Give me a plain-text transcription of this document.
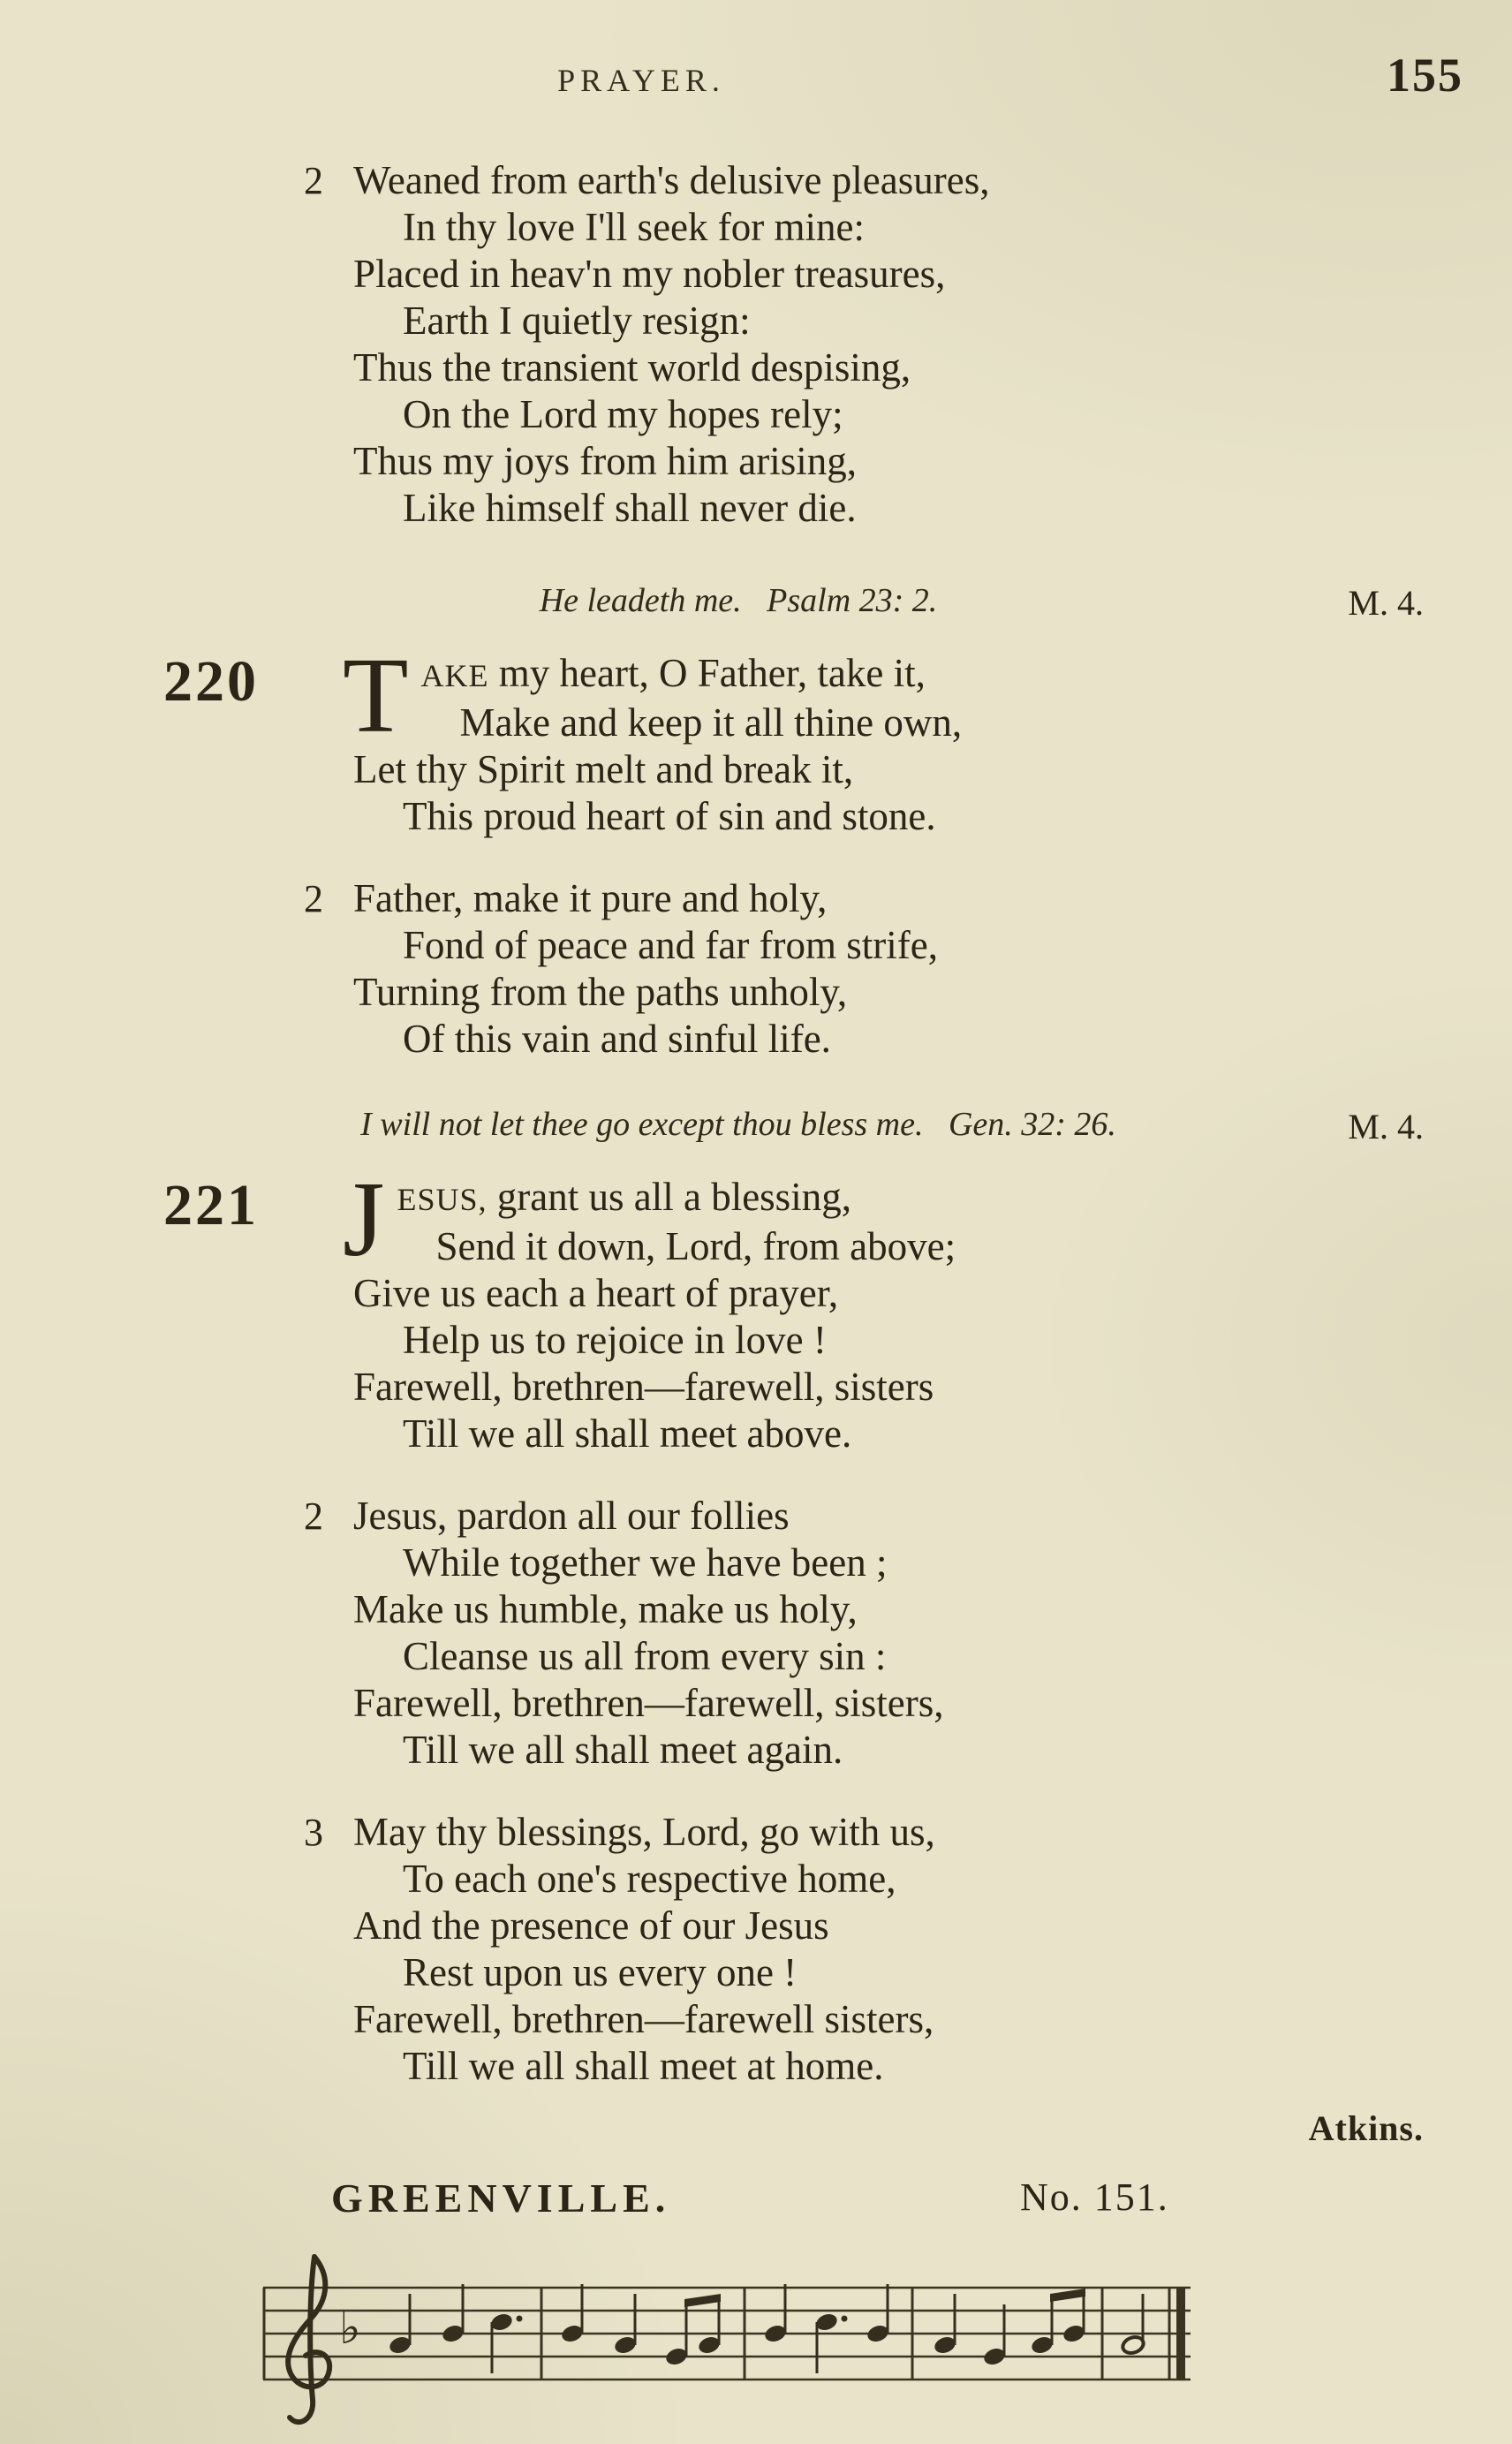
PRAYER.	155
2 Weaned from earth's delusive pleasures,
In thy love I'll seek for mine:
Placed in heav'n my nobler treasures,
Earth I quietly resign:
Thus the transient world despising,
On the Lord my hopes rely;
Thus my joys from him arising,
Like himself shall never die.
He leadeth me.   Psalm 23: 2.	M. 4.
220 T AKE my heart, O Father, take it,
Make and keep it all thine own,
Let thy Spirit melt and break it,
This proud heart of sin and stone.
2 Father, make it pure and holy,
Fond of peace and far from strife,
Turning from the paths unholy,
Of this vain and sinful life.
I will not let thee go except thou bless me.   Gen. 32: 26.	M. 4.
221 J ESUS, grant us all a blessing,
Send it down, Lord, from above;
Give us each a heart of prayer,
Help us to rejoice in love !
Farewell, brethren—farewell, sisters
Till we all shall meet above.
2 Jesus, pardon all our follies
While together we have been ;
Make us humble, make us holy,
Cleanse us all from every sin :
Farewell, brethren—farewell, sisters,
Till we all shall meet again.
3 May thy blessings, Lord, go with us,
To each one's respective home,
And the presence of our Jesus
Rest upon us every one !
Farewell, brethren—farewell sisters,
Till we all shall meet at home.
Atkins.
GREENVILLE.	No. 151.
♭
